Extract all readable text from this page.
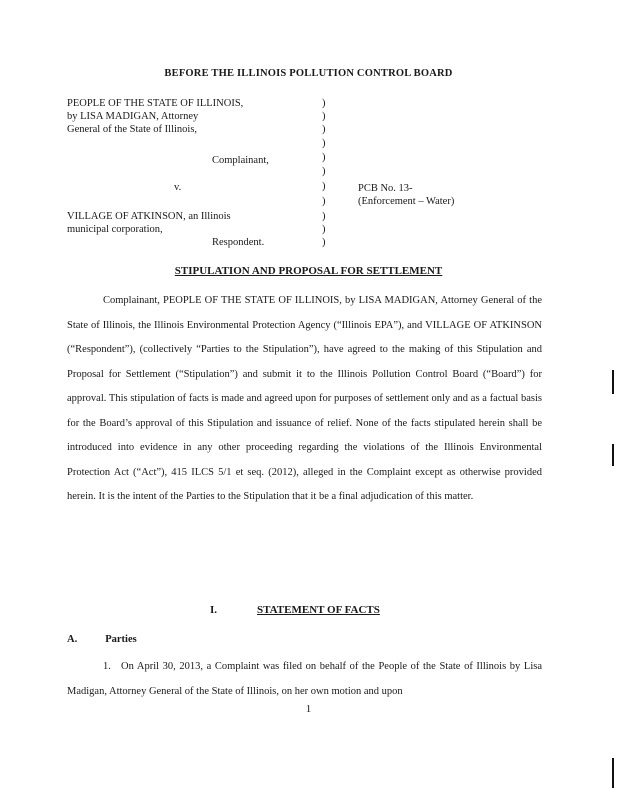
BEFORE THE ILLINOIS POLLUTION CONTROL BOARD
PEOPLE OF THE STATE OF ILLINOIS,
by LISA MADIGAN, Attorney
General of the State of Illinois,
Complainant,
v.
VILLAGE OF ATKINSON, an Illinois
municipal corporation,
Respondent.
)
)
)
)
)
)
)
)
)
)
)
PCB No. 13-
(Enforcement – Water)
STIPULATION AND PROPOSAL FOR SETTLEMENT

Complainant, PEOPLE OF THE STATE OF ILLINOIS, by LISA MADIGAN, Attorney General of the State of Illinois, the Illinois Environmental Protection Agency (“Illinois EPA”), and VILLAGE OF ATKINSON (“Respondent”), (collectively “Parties to the Stipulation”), have agreed to the making of this Stipulation and Proposal for Settlement (“Stipulation”) and submit it to the Illinois Pollution Control Board (“Board”) for approval. This stipulation of facts is made and agreed upon for purposes of settlement only and as a factual basis for the Board’s approval of this Stipulation and issuance of relief. None of the facts stipulated herein shall be introduced into evidence in any other proceeding regarding the violations of the Illinois Environmental Protection Act (“Act”), 415 ILCS 5/1 et seq. (2012), alleged in the Complaint except as otherwise provided herein. It is the intent of the Parties to the Stipulation that it be a final adjudication of this matter.

I.	STATEMENT OF FACTS
A.	Parties

1. On April 30, 2013, a Complaint was filed on behalf of the People of the State of Illinois by Lisa Madigan, Attorney General of the State of Illinois, on her own motion and upon

1
